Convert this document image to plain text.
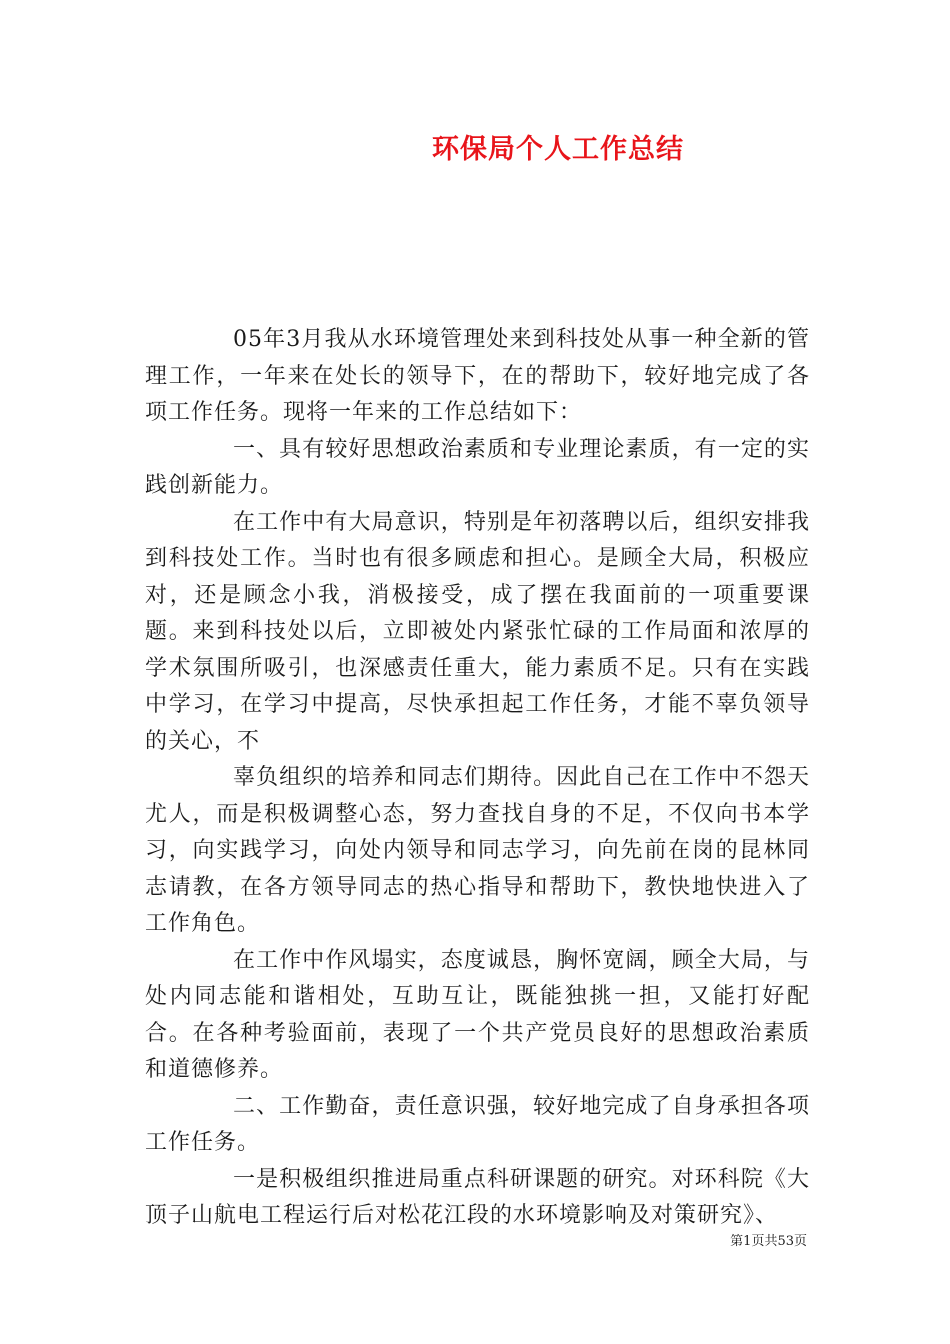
环保局个人工作总结

05年3月我从水环境管理处来到科技处从事一种全新的管理工作，一年来在处长的领导下，在的帮助下，较好地完成了各项工作任务。现将一年来的工作总结如下：

一、具有较好思想政治素质和专业理论素质，有一定的实践创新能力。

在工作中有大局意识，特别是年初落聘以后，组织安排我到科技处工作。当时也有很多顾虑和担心。是顾全大局，积极应对，还是顾念小我，消极接受，成了摆在我面前的一项重要课题。来到科技处以后，立即被处内紧张忙碌的工作局面和浓厚的学术氛围所吸引，也深感责任重大，能力素质不足。只有在实践中学习，在学习中提高，尽快承担起工作任务，才能不辜负领导的关心，不

辜负组织的培养和同志们期待。因此自己在工作中不怨天尤人，而是积极调整心态，努力查找自身的不足，不仅向书本学习，向实践学习，向处内领导和同志学习，向先前在岗的昆林同志请教，在各方领导同志的热心指导和帮助下，教快地快进入了工作角色。

在工作中作风塌实，态度诚恳，胸怀宽阔，顾全大局，与处内同志能和谐相处，互助互让，既能独挑一担，又能打好配合。在各种考验面前，表现了一个共产党员良好的思想政治素质和道德修养。

二、工作勤奋，责任意识强，较好地完成了自身承担各项工作任务。

一是积极组织推进局重点科研课题的研究。对环科院《大顶子山航电工程运行后对松花江段的水环境影响及对策研究》、

第1页共53页
